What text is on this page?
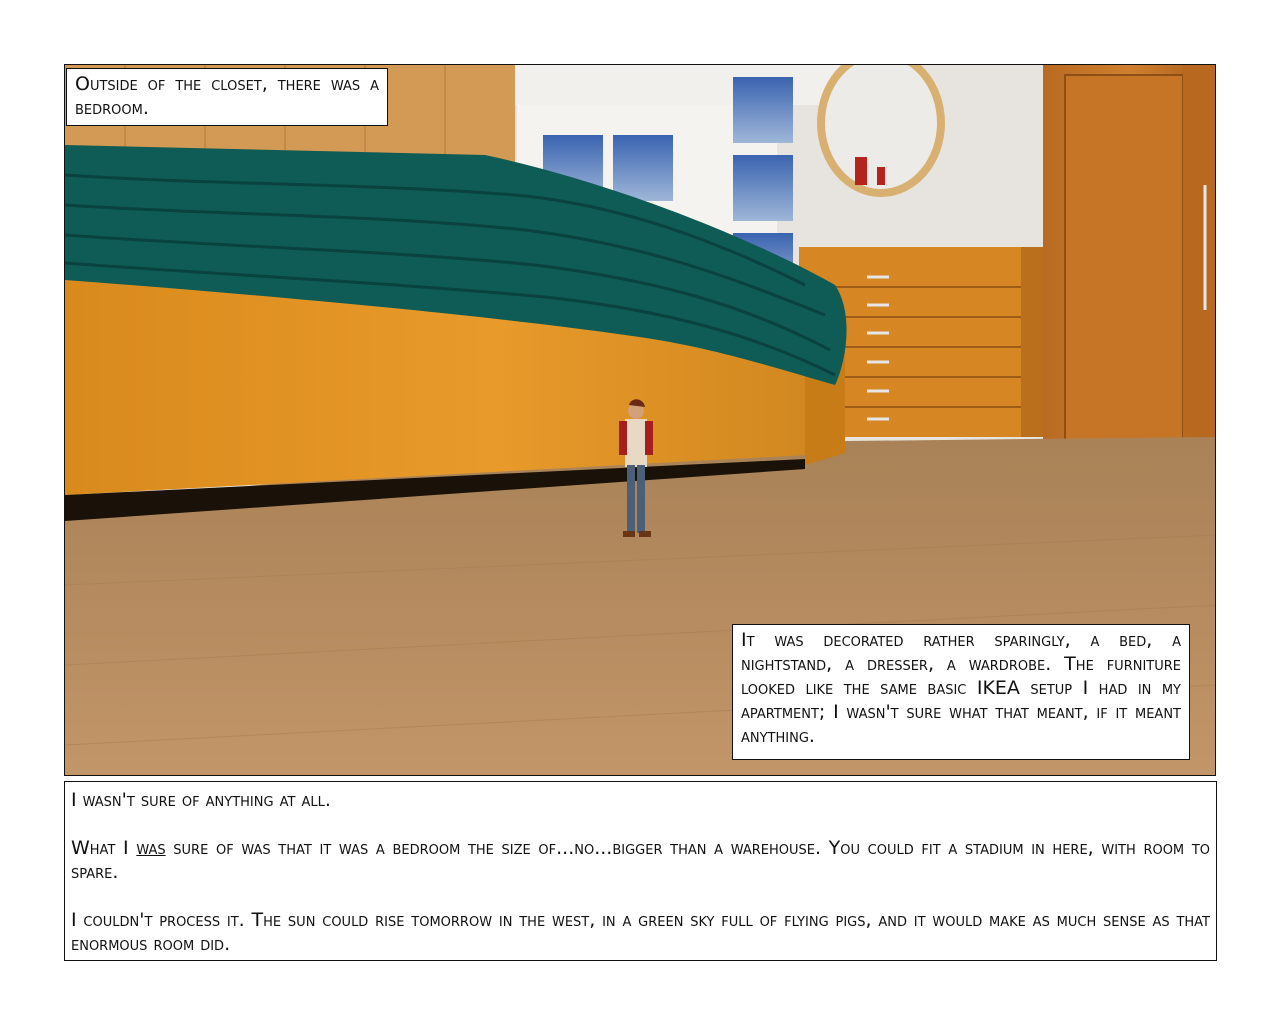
Outside of the closet, there was a bedroom.

It was decorated rather sparingly, a bed, a nightstand, a dresser, a wardrobe. The furniture looked like the same basic IKEA setup I had in my apartment; I wasn't sure what that meant, if it meant anything.

I wasn't sure of anything at all.

What I was sure of was that it was a bedroom the size of...no...bigger than a warehouse. You could fit a stadium in here, with room to spare.

I couldn't process it. The sun could rise tomorrow in the west, in a green sky full of flying pigs, and it would make as much sense as that enormous room did.
